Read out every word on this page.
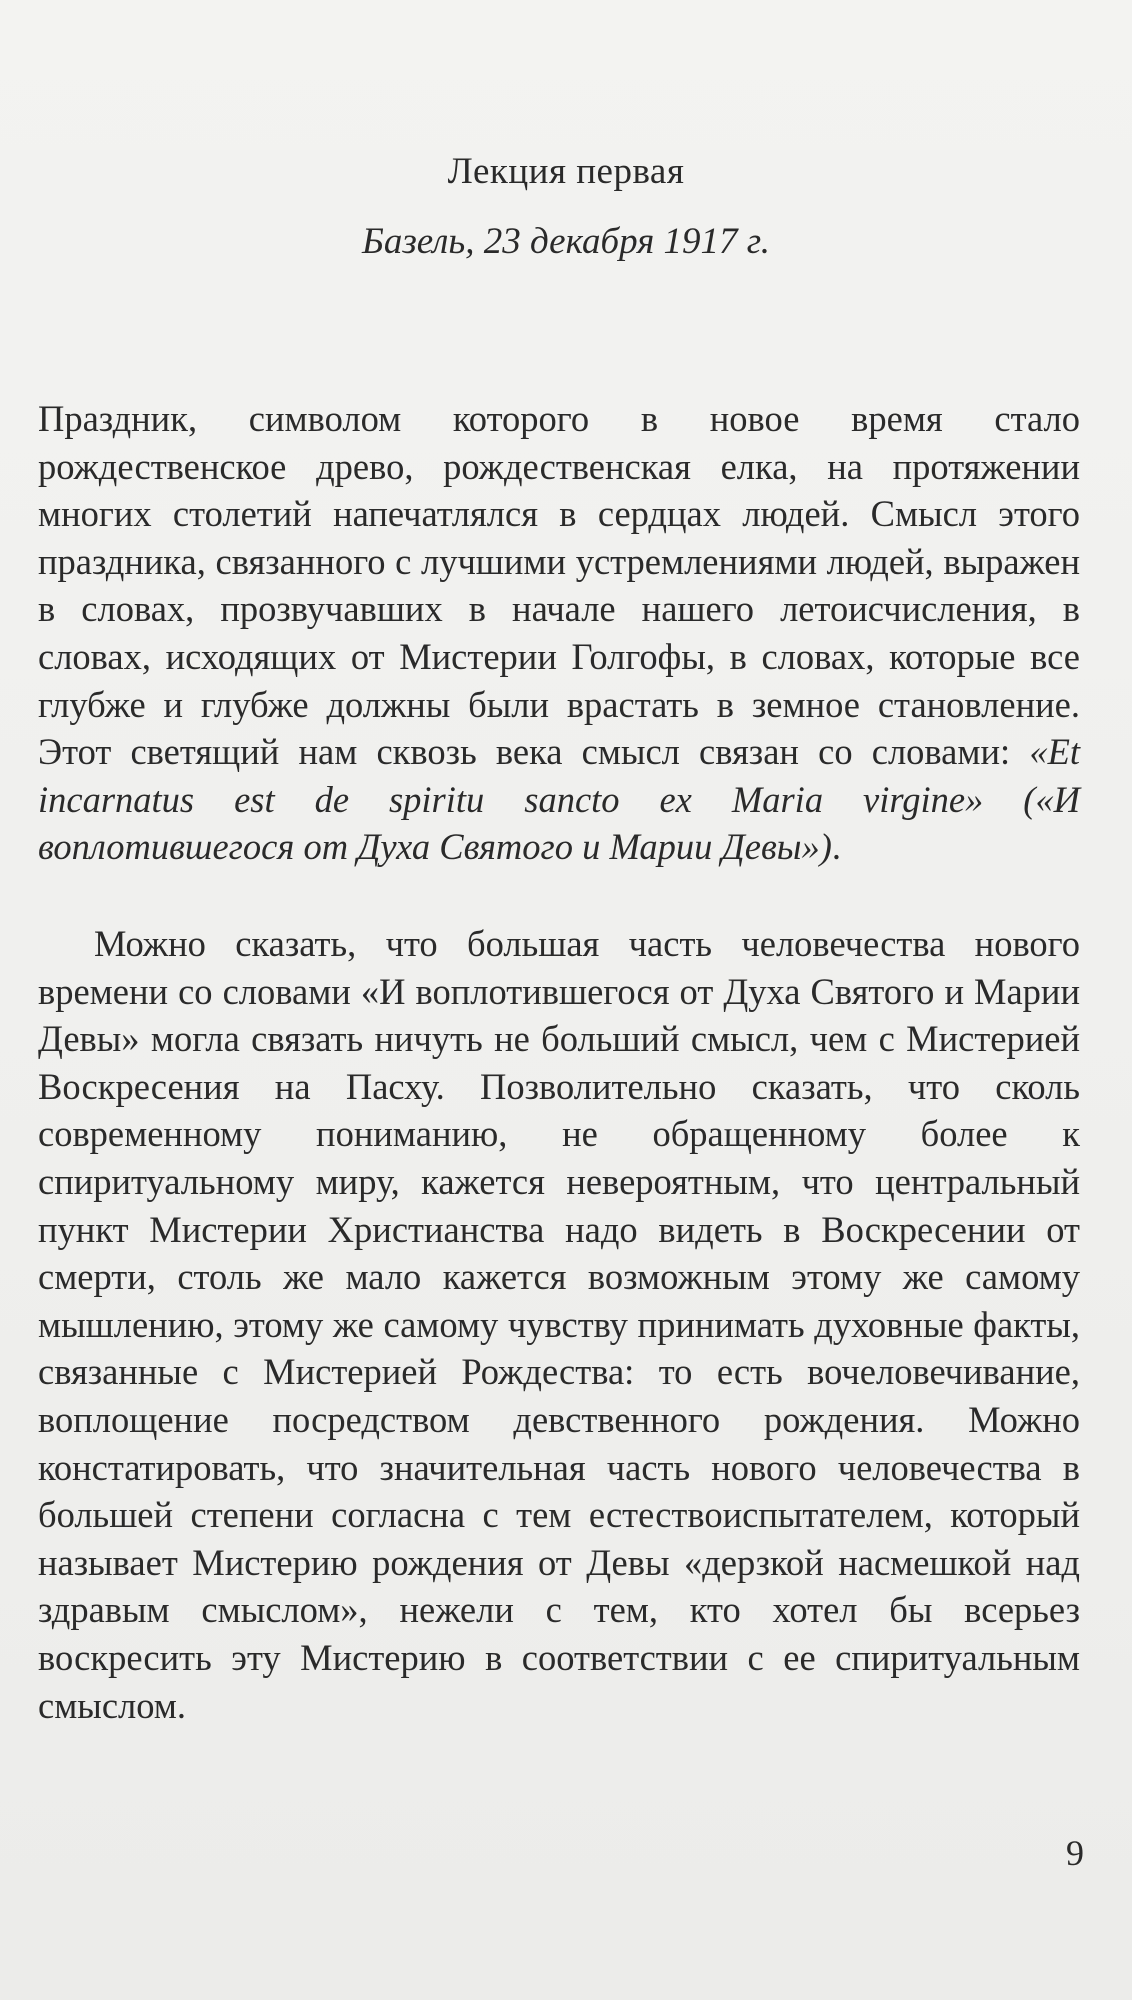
Лекция первая
Базель, 23 декабря 1917 г.

Праздник, символом которого в новое время стало рождественское древо, рождественская елка, на протяжении многих столетий напечатлялся в сердцах людей. Смысл этого праздника, связанного с лучшими устремлениями людей, выражен в словах, прозвучавших в начале нашего летоисчисления, в словах, исходящих от Мистерии Голгофы, в словах, которые все глубже и глубже должны были врастать в земное становление. Этот светящий нам сквозь века смысл связан со словами: «Et incarnatus est de spiritu sancto ex Maria virgine» («И воплотившегося от Духа Святого и Марии Девы»).

Можно сказать, что большая часть человечества нового времени со словами «И воплотившегося от Духа Святого и Марии Девы» могла связать ничуть не больший смысл, чем с Мистерией Воскресения на Пасху. Позволительно сказать, что сколь современному пониманию, не обращенному более к спиритуальному миру, кажется невероятным, что центральный пункт Мистерии Христианства надо видеть в Воскресении от смерти, столь же мало кажется возможным этому же самому мышлению, этому же самому чувству принимать духовные факты, связанные с Мистерией Рождества: то есть вочеловечивание, воплощение посредством девственного рождения. Можно констатировать, что значительная часть нового человечества в большей степени согласна с тем естествоиспытателем, который называет Мистерию рождения от Девы «дерзкой насмешкой над здравым смыслом», нежели с тем, кто хотел бы всерьез воскресить эту Мистерию в соответствии с ее спиритуальным смыслом.

9
